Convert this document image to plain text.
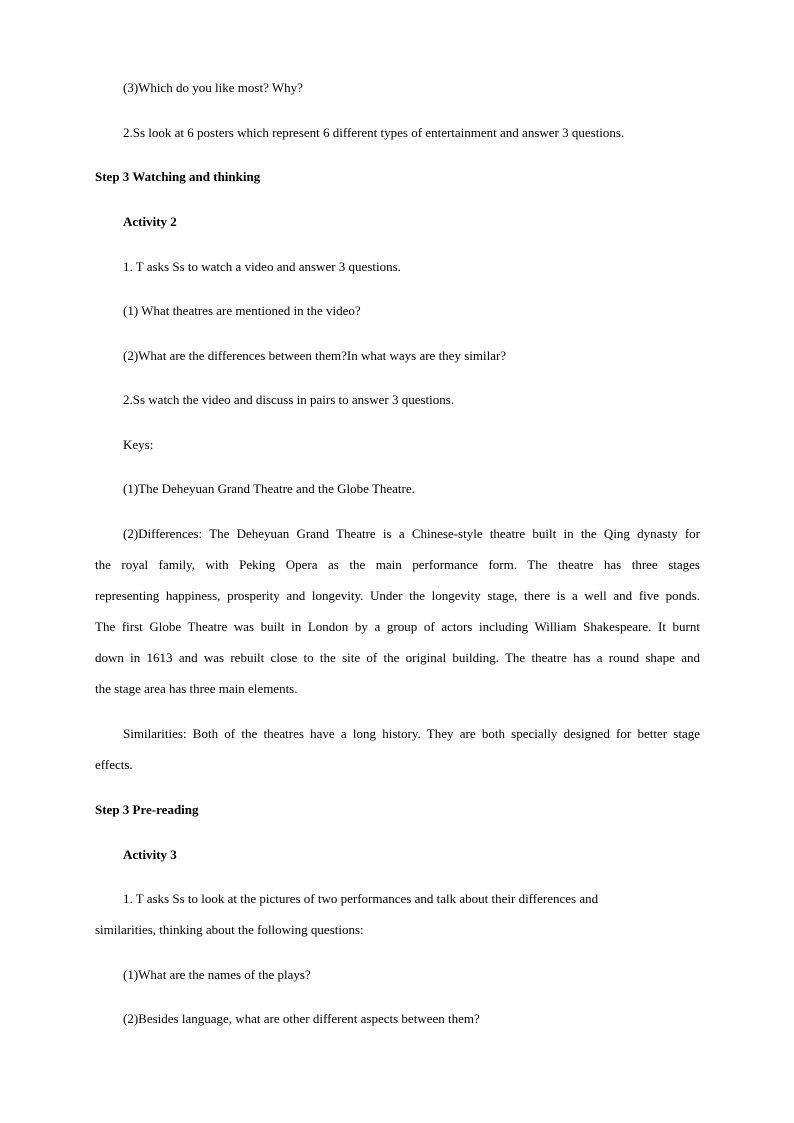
(3)Which do you like most? Why?
2.Ss look at 6 posters which represent 6 different types of entertainment and answer 3 questions.
Step 3 Watching and thinking
Activity 2
1. T asks Ss to watch a video and answer 3 questions.
(1) What theatres are mentioned in the video?
(2)What are the differences between them?In what ways are they similar?
2.Ss watch the video and discuss in pairs to answer 3 questions.
Keys:
(1)The Deheyuan Grand Theatre and the Globe Theatre.
(2)Differences: The Deheyuan Grand Theatre is a Chinese-style theatre built in the Qing dynasty for
the royal family, with Peking Opera as the main performance form. The theatre has three stages
representing happiness, prosperity and longevity. Under the longevity stage, there is a well and five ponds.
The first Globe Theatre was built in London by a group of actors including William Shakespeare. It burnt
down in 1613 and was rebuilt close to the site of the original building. The theatre has a round shape and
the stage area has three main elements.
Similarities: Both of the theatres have a long history. They are both specially designed for better stage
effects.
Step 3 Pre-reading
Activity 3
1. T asks Ss to look at the pictures of two performances and talk about their differences and
similarities, thinking about the following questions:
(1)What are the names of the plays?
(2)Besides language, what are other different aspects between them?
